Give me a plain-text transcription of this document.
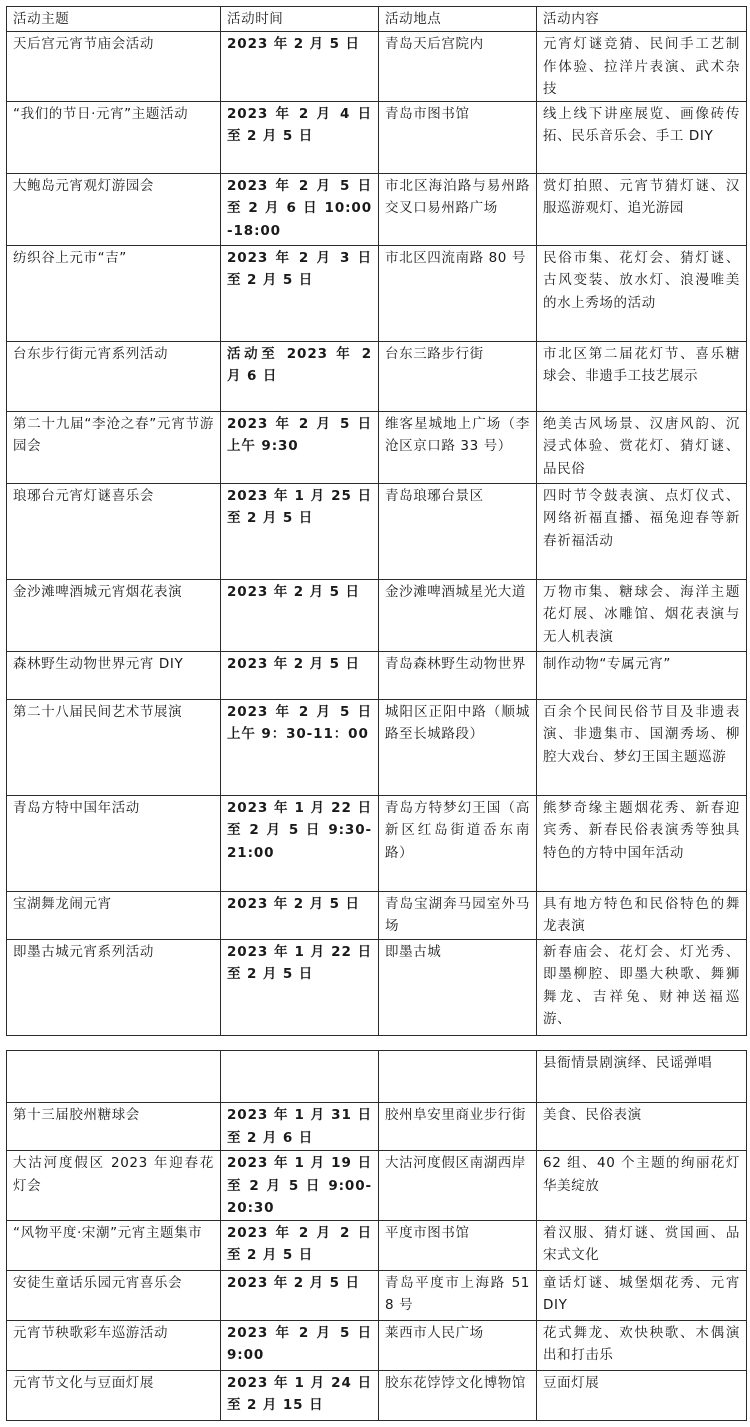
活动主题	活动时间	活动地点	活动内容
天后宫元宵节庙会活动	2023 年 2 月 5 日	青岛天后宫院内	元宵灯谜竞猜、民间手工艺制作体验、拉洋片表演、武术杂技
“我们的节日·元宵”主题活动	2023 年 2 月 4 日至 2 月 5 日	青岛市图书馆	线上线下讲座展览、画像砖传拓、民乐音乐会、手工 DIY
大鲍岛元宵观灯游园会	2023 年 2 月 5 日至 2 月 6 日 10:00-18:00	市北区海泊路与易州路交叉口易州路广场	赏灯拍照、元宵节猜灯谜、汉服巡游观灯、追光游园
纺织谷上元市“吉”	2023 年 2 月 3 日至 2 月 5 日	市北区四流南路 80 号	民俗市集、花灯会、猜灯谜、古风变装、放水灯、浪漫唯美的水上秀场的活动
台东步行街元宵系列活动	活动至 2023 年 2 月 6 日	台东三路步行街	市北区第二届花灯节、喜乐糖球会、非遗手工技艺展示
第二十九届“李沧之春”元宵节游园会	2023 年 2 月 5 日上午 9:30	维客星城地上广场（李沧区京口路 33 号）	绝美古风场景、汉唐风韵、沉浸式体验、赏花灯、猜灯谜、品民俗
琅琊台元宵灯谜喜乐会	2023 年 1 月 25 日至 2 月 5 日	青岛琅琊台景区	四时节令鼓表演、点灯仪式、网络祈福直播、福兔迎春等新春祈福活动
金沙滩啤酒城元宵烟花表演	2023 年 2 月 5 日	金沙滩啤酒城星光大道	万物市集、糖球会、海洋主题花灯展、冰雕馆、烟花表演与无人机表演
森林野生动物世界元宵 DIY	2023 年 2 月 5 日	青岛森林野生动物世界	制作动物“专属元宵”
第二十八届民间艺术节展演	2023 年 2 月 5 日上午 9：30-11：00	城阳区正阳中路（顺城路至长城路段）	百余个民间民俗节目及非遗表演、非遗集市、国潮秀场、柳腔大戏台、梦幻王国主题巡游
青岛方特中国年活动	2023 年 1 月 22 日至 2 月 5 日 9:30-21:00	青岛方特梦幻王国（高新区红岛街道岙东南路）	熊梦奇缘主题烟花秀、新春迎宾秀、新春民俗表演秀等独具特色的方特中国年活动
宝湖舞龙闹元宵	2023 年 2 月 5 日	青岛宝湖奔马园室外马场	具有地方特色和民俗特色的舞龙表演
即墨古城元宵系列活动	2023 年 1 月 22 日至 2 月 5 日	即墨古城	新春庙会、花灯会、灯光秀、即墨柳腔、即墨大秧歌、舞狮舞龙、吉祥兔、财神送福巡游、
			县衙情景剧演绎、民谣弹唱
第十三届胶州糖球会	2023 年 1 月 31 日至 2 月 6 日	胶州阜安里商业步行街	美食、民俗表演
大沽河度假区 2023 年迎春花灯会	2023 年 1 月 19 日至 2 月 5 日 9:00-20:30	大沽河度假区南湖西岸	62 组、40 个主题的绚丽花灯华美绽放
“风物平度·宋潮”元宵主题集市	2023 年 2 月 2 日至 2 月 5 日	平度市图书馆	着汉服、猜灯谜、赏国画、品宋式文化
安徒生童话乐园元宵喜乐会	2023 年 2 月 5 日	青岛平度市上海路 518 号	童话灯谜、城堡烟花秀、元宵 DIY
元宵节秧歌彩车巡游活动	2023 年 2 月 5 日 9:00	莱西市人民广场	花式舞龙、欢快秧歌、木偶演出和打击乐
元宵节文化与豆面灯展	2023 年 1 月 24 日至 2 月 15 日	胶东花饽饽文化博物馆	豆面灯展
